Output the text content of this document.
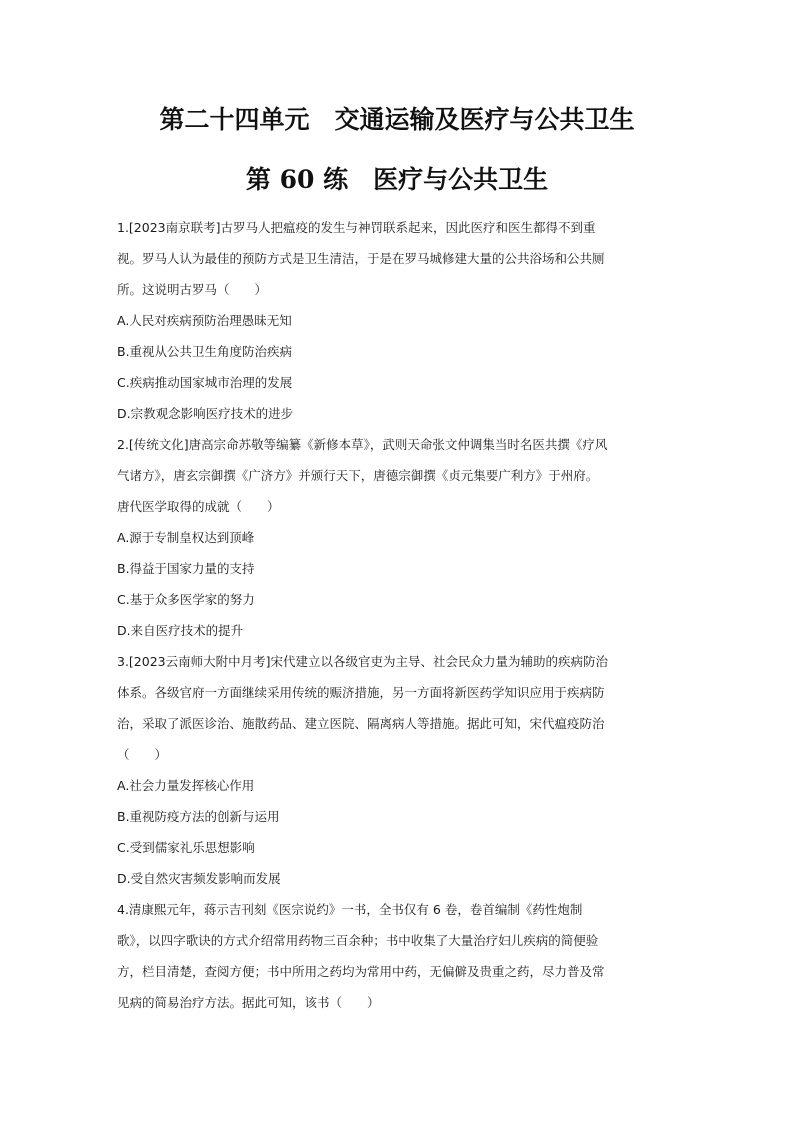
第二十四单元　交通运输及医疗与公共卫生
第 60 练　医疗与公共卫生
1.[2023南京联考]古罗马人把瘟疫的发生与神罚联系起来，因此医疗和医生都得不到重
视。罗马人认为最佳的预防方式是卫生清洁，于是在罗马城修建大量的公共浴场和公共厕
所。这说明古罗马（　　）
A.人民对疾病预防治理愚昧无知
B.重视从公共卫生角度防治疾病
C.疾病推动国家城市治理的发展
D.宗教观念影响医疗技术的进步
2.[传统文化]唐高宗命苏敬等编纂《新修本草》，武则天命张文仲调集当时名医共撰《疗风
气诸方》，唐玄宗御撰《广济方》并颁行天下，唐德宗御撰《贞元集要广利方》于州府。
唐代医学取得的成就（　　）
A.源于专制皇权达到顶峰
B.得益于国家力量的支持
C.基于众多医学家的努力
D.来自医疗技术的提升
3.[2023云南师大附中月考]宋代建立以各级官吏为主导、社会民众力量为辅助的疾病防治
体系。各级官府一方面继续采用传统的赈济措施，另一方面将新医药学知识应用于疾病防
治，采取了派医诊治、施散药品、建立医院、隔离病人等措施。据此可知，宋代瘟疫防治
（　　）
A.社会力量发挥核心作用
B.重视防疫方法的创新与运用
C.受到儒家礼乐思想影响
D.受自然灾害频发影响而发展
4.清康熙元年，蒋示吉刊刻《医宗说约》一书，全书仅有 6 卷，卷首编制《药性炮制
歌》，以四字歌诀的方式介绍常用药物三百余种；书中收集了大量治疗妇儿疾病的简便验
方，栏目清楚，查阅方便；书中所用之药均为常用中药，无偏僻及贵重之药，尽力普及常
见病的简易治疗方法。据此可知，该书（　　）
